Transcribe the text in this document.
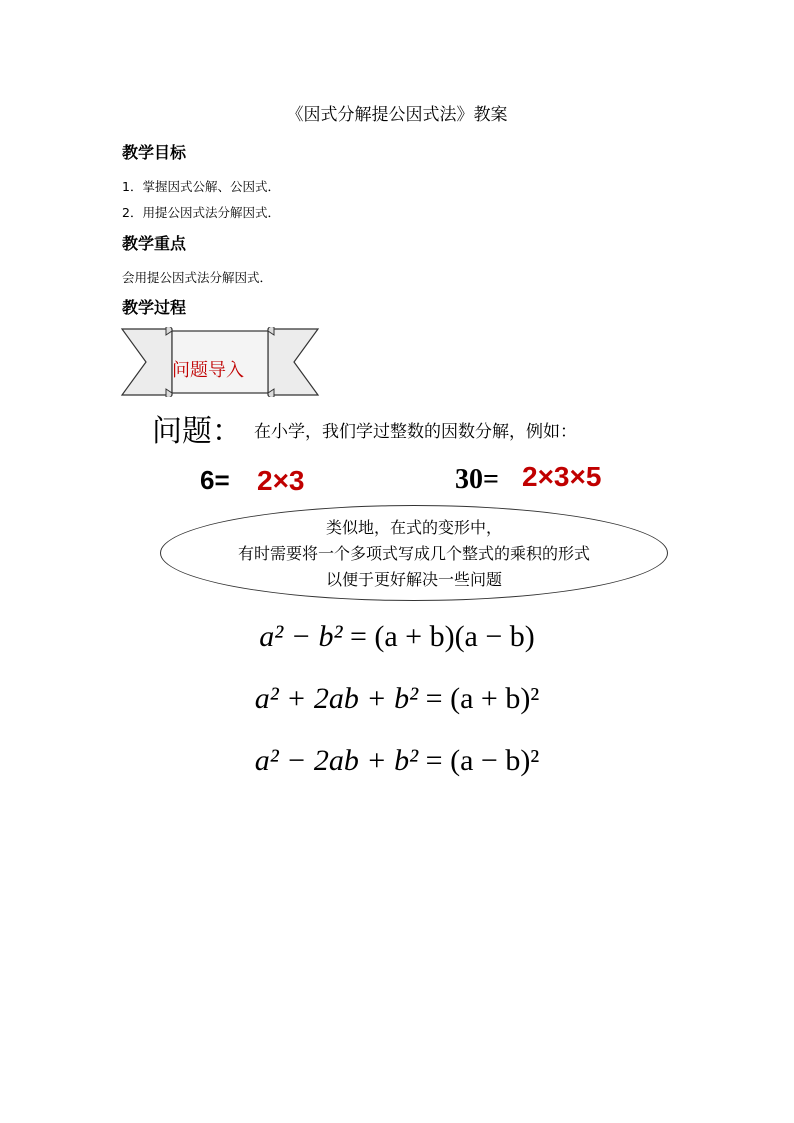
《因式分解提公因式法》教案
教学目标
1．掌握因式公解、公因式．
2．用提公因式法分解因式．
教学重点
会用提公因式法分解因式．
教学过程
问题导入
问题： 在小学，我们学过整数的因数分解，例如：
6= 2×3	30= 2×3×5
类似地，在式的变形中，
有时需要将一个多项式写成几个整式的乘积的形式
以便于更好解决一些问题
a² − b² = (a + b)(a − b)
a² + 2ab + b² = (a + b)²
a² − 2ab + b² = (a − b)²
